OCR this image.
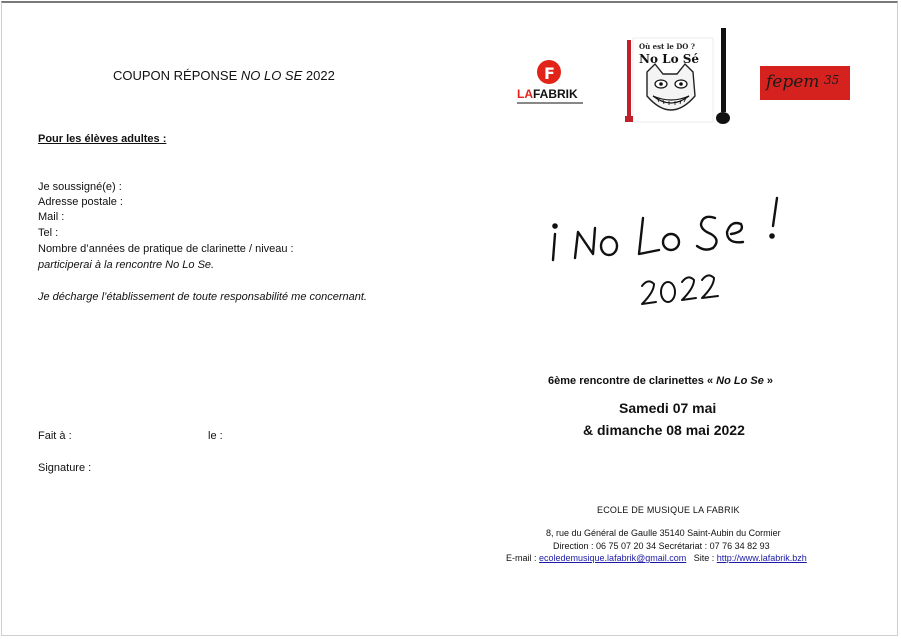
COUPON RÉPONSE NO LO SE 2022
Pour les élèves adultes :
Je soussigné(e) :
Adresse postale :
Mail :
Tel :
Nombre d’années de pratique de clarinette / niveau :
participerai à la rencontre No Lo Se.
Je décharge l’établissement de toute responsabilité me concernant.
Fait à :	le :
Signature :
F
LAFABRIK
Où est le DO ?
No Lo Sé
fepem 35
6ème rencontre de clarinettes « No Lo Se »
Samedi 07 mai
& dimanche 08 mai 2022
ECOLE DE MUSIQUE LA FABRIK
8, rue du Général de Gaulle 35140 Saint-Aubin du Cormier
Direction : 06 75 07 20 34 Secrétariat : 07 76 34 82 93
E-mail : ecoledemusique.lafabrik@gmail.com   Site : http://www.lafabrik.bzh
